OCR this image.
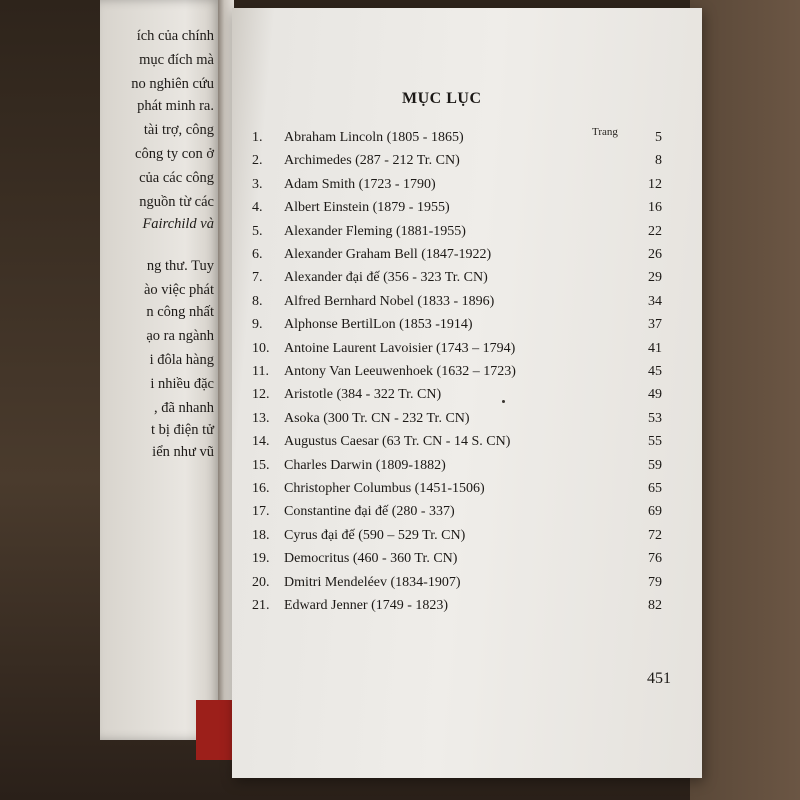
ích của chính
mục đích mà
no nghiên cứu
phát minh ra.
tài trợ, công
công ty con ở
của các công
nguồn từ các
Fairchild và
ng thư. Tuy
ào việc phát
n công nhất
ạo ra ngành
i đôla hàng
i nhiều đặc
, đã nhanh
t bị điện tử
iển như vũ
MỤC LỤC
Trang
1. Abraham Lincoln (1805 - 1865)	5
2. Archimedes (287 - 212 Tr. CN)	8
3. Adam Smith (1723 - 1790)	12
4. Albert Einstein (1879 - 1955)	16
5. Alexander Fleming (1881-1955)	22
6. Alexander Graham Bell (1847-1922)	26
7. Alexander đại đế (356 - 323 Tr. CN)	29
8. Alfred Bernhard Nobel (1833 - 1896)	34
9. Alphonse BertilLon (1853 -1914)	37
10. Antoine Laurent Lavoisier (1743 – 1794)	41
11. Antony Van Leeuwenhoek (1632 – 1723)	45
12. Aristotle (384 - 322 Tr. CN)	49
13. Asoka (300 Tr. CN - 232 Tr. CN)	53
14. Augustus Caesar (63 Tr. CN - 14 S. CN)	55
15. Charles Darwin (1809-1882)	59
16. Christopher Columbus (1451-1506)	65
17. Constantine đại đế (280 - 337)	69
18. Cyrus đại đế (590 – 529 Tr. CN)	72
19. Democritus (460 - 360 Tr. CN)	76
20. Dmitri Mendeléev (1834-1907)	79
21. Edward Jenner (1749 - 1823)	82
451
